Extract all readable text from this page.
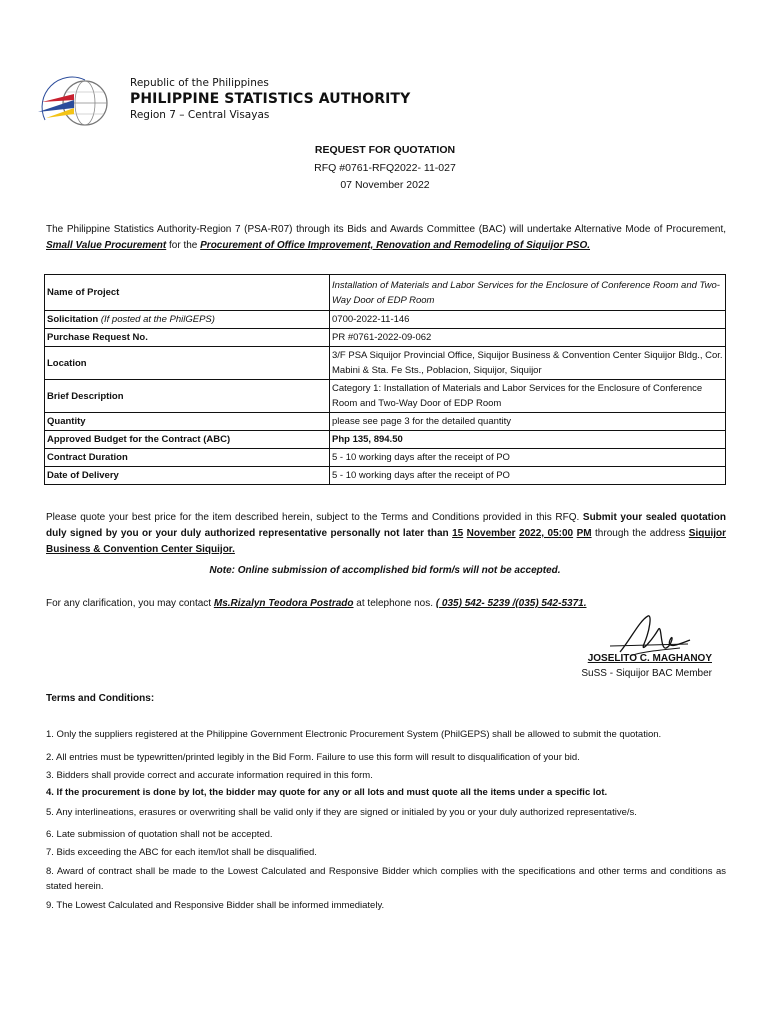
Republic of the Philippines
PHILIPPINE STATISTICS AUTHORITY
Region 7 – Central Visayas
REQUEST FOR QUOTATION
RFQ #0761-RFQ2022- 11-027
07 November 2022
The Philippine Statistics Authority-Region 7 (PSA-R07) through its Bids and Awards Committee (BAC) will undertake Alternative Mode of Procurement, Small Value Procurement for the Procurement of Office Improvement, Renovation and Remodeling of Siquijor PSO.
Name of Project	Installation of Materials and Labor Services for the Enclosure of Conference Room and Two-Way Door of EDP Room
Solicitation (If posted at the PhilGEPS)	0700-2022-11-146
Purchase Request No.	PR #0761-2022-09-062
Location	3/F PSA Siquijor Provincial Office, Siquijor Business & Convention Center Siquijor Bldg., Cor. Mabini & Sta. Fe Sts., Poblacion, Siquijor, Siquijor
Brief Description	Category 1: Installation of Materials and Labor Services for the Enclosure of Conference Room and Two-Way Door of EDP Room
Quantity	please see page 3 for the detailed quantity
Approved Budget for the Contract (ABC)	Php 135, 894.50
Contract Duration	5 - 10 working days after the receipt of PO
Date of Delivery	5 - 10 working days after the receipt of PO
Please quote your best price for the item described herein, subject to the Terms and Conditions provided in this RFQ. Submit your sealed quotation duly signed by you or your duly authorized representative personally not later than 15 November 2022, 05:00 PM through the address Siquijor Business & Convention Center Siquijor.
Note: Online submission of accomplished bid form/s will not be accepted.
For any clarification, you may contact Ms.Rizalyn Teodora Postrado at telephone nos. ( 035) 542- 5239 /(035) 542-5371.
JOSELITO C. MAGHANOY
SuSS - Siquijor BAC Member
Terms and Conditions:
1. Only the suppliers registered at the Philippine Government Electronic Procurement System (PhilGEPS) shall be allowed to submit the quotation.
2. All entries must be typewritten/printed legibly in the Bid Form. Failure to use this form will result to disqualification of your bid.
3. Bidders shall provide correct and accurate information required in this form.
4. If the procurement is done by lot, the bidder may quote for any or all lots and must quote all the items under a specific lot.
5. Any interlineations, erasures or overwriting shall be valid only if they are signed or initialed by you or your duly authorized representative/s.
6. Late submission of quotation shall not be accepted.
7. Bids exceeding the ABC for each item/lot shall be disqualified.
8. Award of contract shall be made to the Lowest Calculated and Responsive Bidder which complies with the specifications and other terms and conditions as stated herein.
9. The Lowest Calculated and Responsive Bidder shall be informed immediately.
